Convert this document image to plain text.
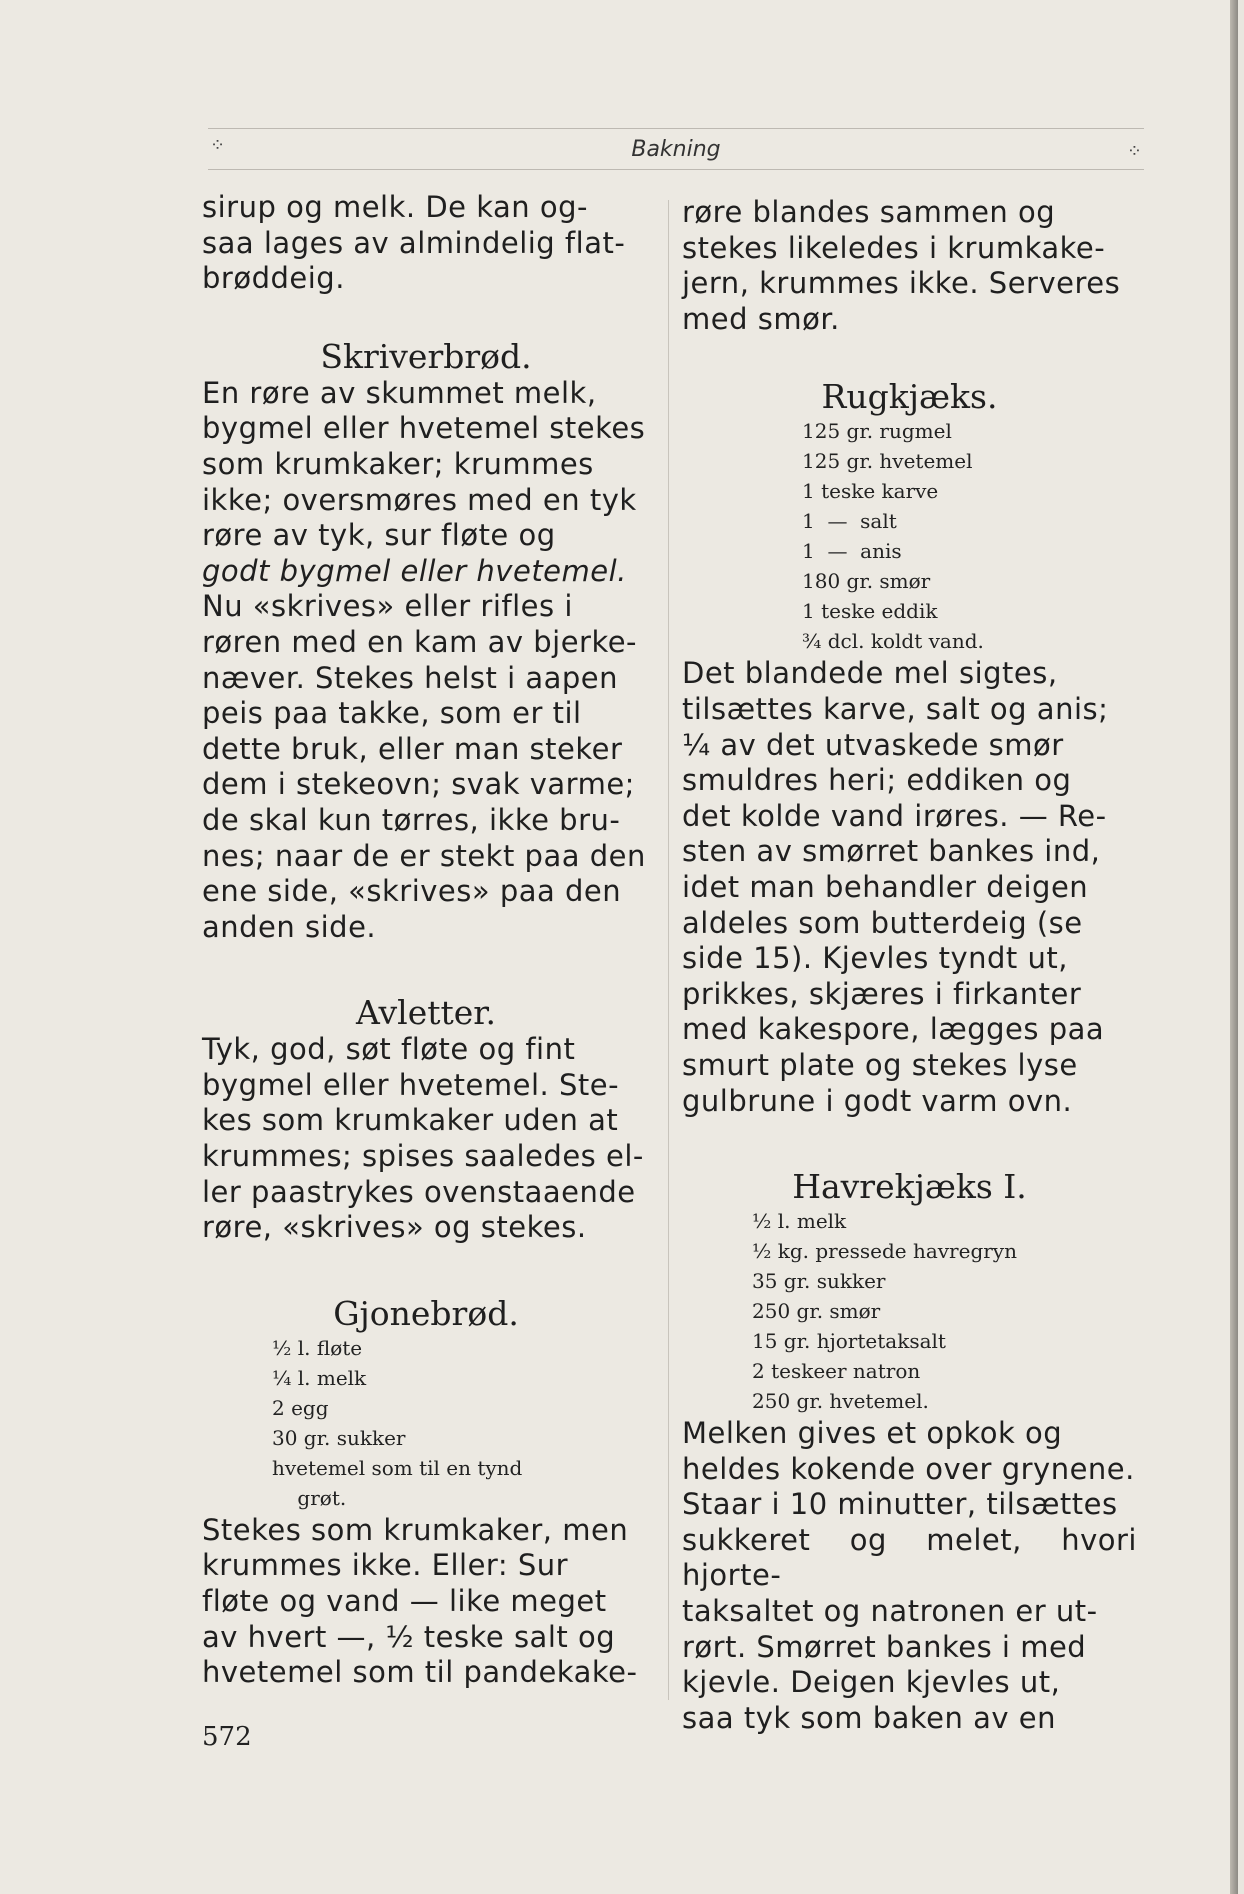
⁘	Bakning	⁘

sirup og melk. De kan og-

saa lages av almindelig flat-

brøddeig.

Skriverbrød.

En røre av skummet melk,

bygmel eller hvetemel stekes

som krumkaker; krummes

ikke; oversmøres med en tyk

røre av tyk, sur fløte og

godt bygmel eller hvetemel.

Nu «skrives» eller rifles i

røren med en kam av bjerke-

næver. Stekes helst i aapen

peis paa takke, som er til

dette bruk, eller man steker

dem i stekeovn; svak varme;

de skal kun tørres, ikke bru-

nes; naar de er stekt paa den

ene side, «skrives» paa den

anden side.

Avletter.

Tyk, god, søt fløte og fint

bygmel eller hvetemel. Ste-

kes som krumkaker uden at

krummes; spises saaledes el-

ler paastrykes ovenstaaende

røre, «skrives» og stekes.

Gjonebrød.
½ l. fløte
¼ l. melk
2 egg
30 gr. sukker
hvetemel som til en tynd
grøt.

Stekes som krumkaker, men

krummes ikke. Eller: Sur

fløte og vand — like meget

av hvert —, ½ teske salt og

hvetemel som til pandekake-

røre blandes sammen og

stekes likeledes i krumkake-

jern, krummes ikke. Serveres

med smør.

Rugkjæks.
125 gr. rugmel
125 gr. hvetemel
1 teske karve
1  —  salt
1  —  anis
180 gr. smør
1 teske eddik
¾ dcl. koldt vand.

Det blandede mel sigtes,

tilsættes karve, salt og anis;

¼ av det utvaskede smør

smuldres heri; eddiken og

det kolde vand irøres. — Re-

sten av smørret bankes ind,

idet man behandler deigen

aldeles som butterdeig (se

side 15). Kjevles tyndt ut,

prikkes, skjæres i firkanter

med kakespore, lægges paa

smurt plate og stekes lyse

gulbrune i godt varm ovn.

Havrekjæks I.
½ l. melk
½ kg. pressede havregryn
35 gr. sukker
250 gr. smør
15 gr. hjortetaksalt
2 teskeer natron
250 gr. hvetemel.

Melken gives et opkok og

heldes kokende over grynene.

Staar i 10 minutter, tilsættes

sukkeret og melet, hvori hjorte-

taksaltet og natronen er ut-

rørt. Smørret bankes i med

kjevle. Deigen kjevles ut,

saa tyk som baken av en

572
